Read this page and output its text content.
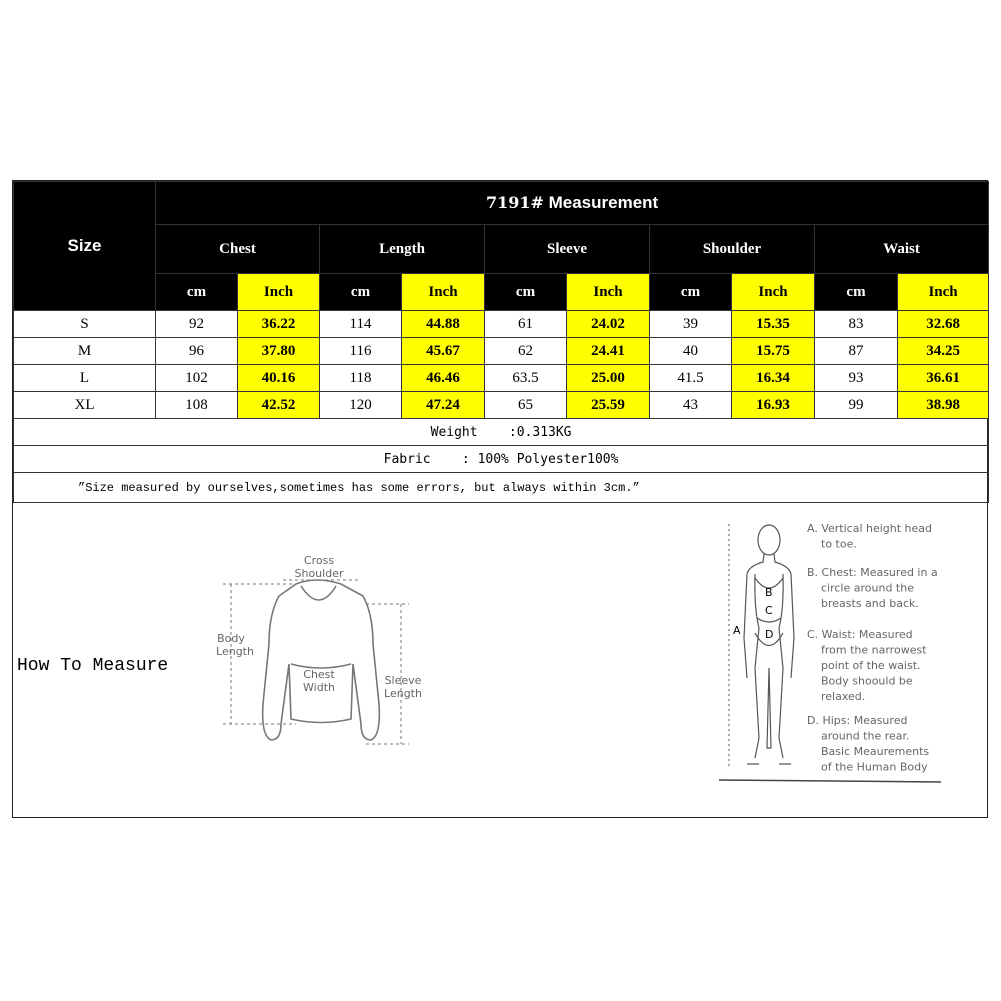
Size	7191# Measurement									
	Chest		Length		Sleeve		Shoulder		Waist	
	cm	Inch	cm	Inch	cm	Inch	cm	Inch	cm	Inch
S	92	36.22	114	44.88	61	24.02	39	15.35	83	32.68
M	96	37.80	116	45.67	62	24.41	40	15.75	87	34.25
L	102	40.16	118	46.46	63.5	25.00	41.5	16.34	93	36.61
XL	108	42.52	120	47.24	65	25.59	43	16.93	99	38.98
Weight    :0.313KG										
Fabric    : 100% Polyester100%										
”Size measured by ourselves,sometimes has some errors, but always within 3cm.”										
How To Measure
Cross Shoulder
Body Length
Chest Width
Sleeve Length
A
B
C
D
A. Vertical height head to toe.
B. Chest: Measured in a circle around the breasts and back.
C. Waist: Measured from the narrowest point of the waist. Body shoould be relaxed.
D. Hips: Measured around the rear. Basic Meaurements of the Human Body
